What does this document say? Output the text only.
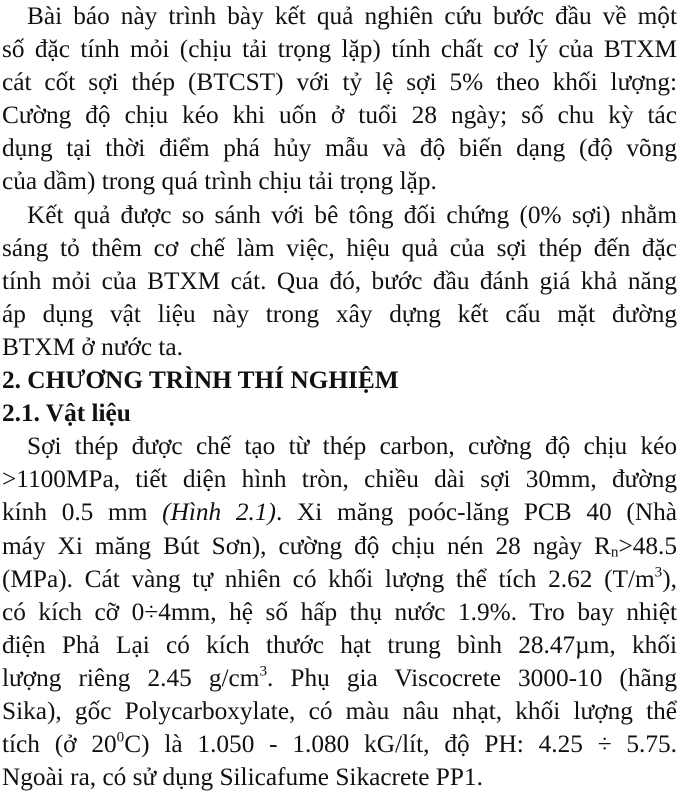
Bài báo này trình bày kết quả nghiên cứu bước đầu về một
số đặc tính mỏi (chịu tải trọng lặp) tính chất cơ lý của BTXM
cát cốt sợi thép (BTCST) với tỷ lệ sợi 5% theo khối lượng:
Cường độ chịu kéo khi uốn ở tuổi 28 ngày; số chu kỳ tác
dụng tại thời điểm phá hủy mẫu và độ biến dạng (độ võng
của dầm) trong quá trình chịu tải trọng lặp.
Kết quả được so sánh với bê tông đối chứng (0% sợi) nhằm
sáng tỏ thêm cơ chế làm việc, hiệu quả của sợi thép đến đặc
tính mỏi của BTXM cát. Qua đó, bước đầu đánh giá khả năng
áp dụng vật liệu này trong xây dựng kết cấu mặt đường
BTXM ở nước ta.
2. CHƯƠNG TRÌNH THÍ NGHIỆM
2.1. Vật liệu
Sợi thép được chế tạo từ thép carbon, cường độ chịu kéo
>1100MPa, tiết diện hình tròn, chiều dài sợi 30mm, đường
kính 0.5 mm (Hình 2.1). Xi măng poóc-lăng PCB 40 (Nhà
máy Xi măng Bút Sơn), cường độ chịu nén 28 ngày $R_n>48.5$
(MPa). Cát vàng tự nhiên có khối lượng thể tích 2.62 $(T/m^3)$,
có kích cỡ 0÷4mm, hệ số hấp thụ nước 1.9%. Tro bay nhiệt
điện Phả Lại có kích thước hạt trung bình 28.47µm, khối
lượng riêng 2.45 $g/cm^3$. Phụ gia Viscocrete 3000-10 (hãng
Sika), gốc Polycarboxylate, có màu nâu nhạt, khối lượng thể
tích (ở $20^0C$) là 1.050 - 1.080 kG/lít, độ PH: 4.25 ÷ 5.75.
Ngoài ra, có sử dụng Silicafume Sikacrete PP1.
